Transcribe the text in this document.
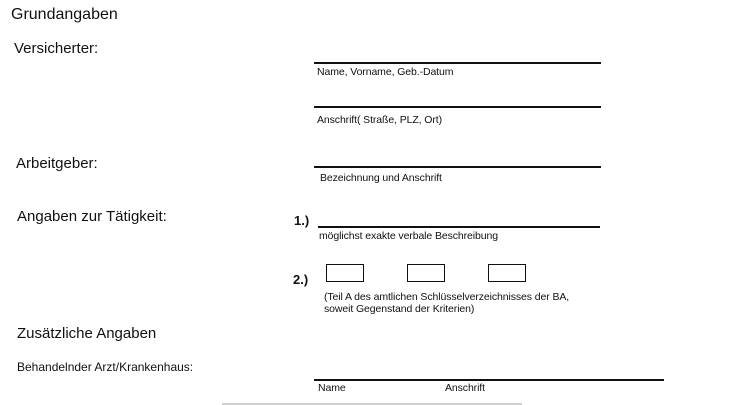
Grundangaben
Versicherter:
Name, Vorname, Geb.-Datum
Anschrift( Straße, PLZ, Ort)
Arbeitgeber:
Bezeichnung und Anschrift
Angaben zur Tätigkeit:	1.)
möglichst exakte verbale Beschreibung
2.)
(Teil A des amtlichen Schlüsselverzeichnisses der BA,
soweit Gegenstand der Kriterien)
Zusätzliche Angaben
Behandelnder Arzt/Krankenhaus:
Name	Anschrift
